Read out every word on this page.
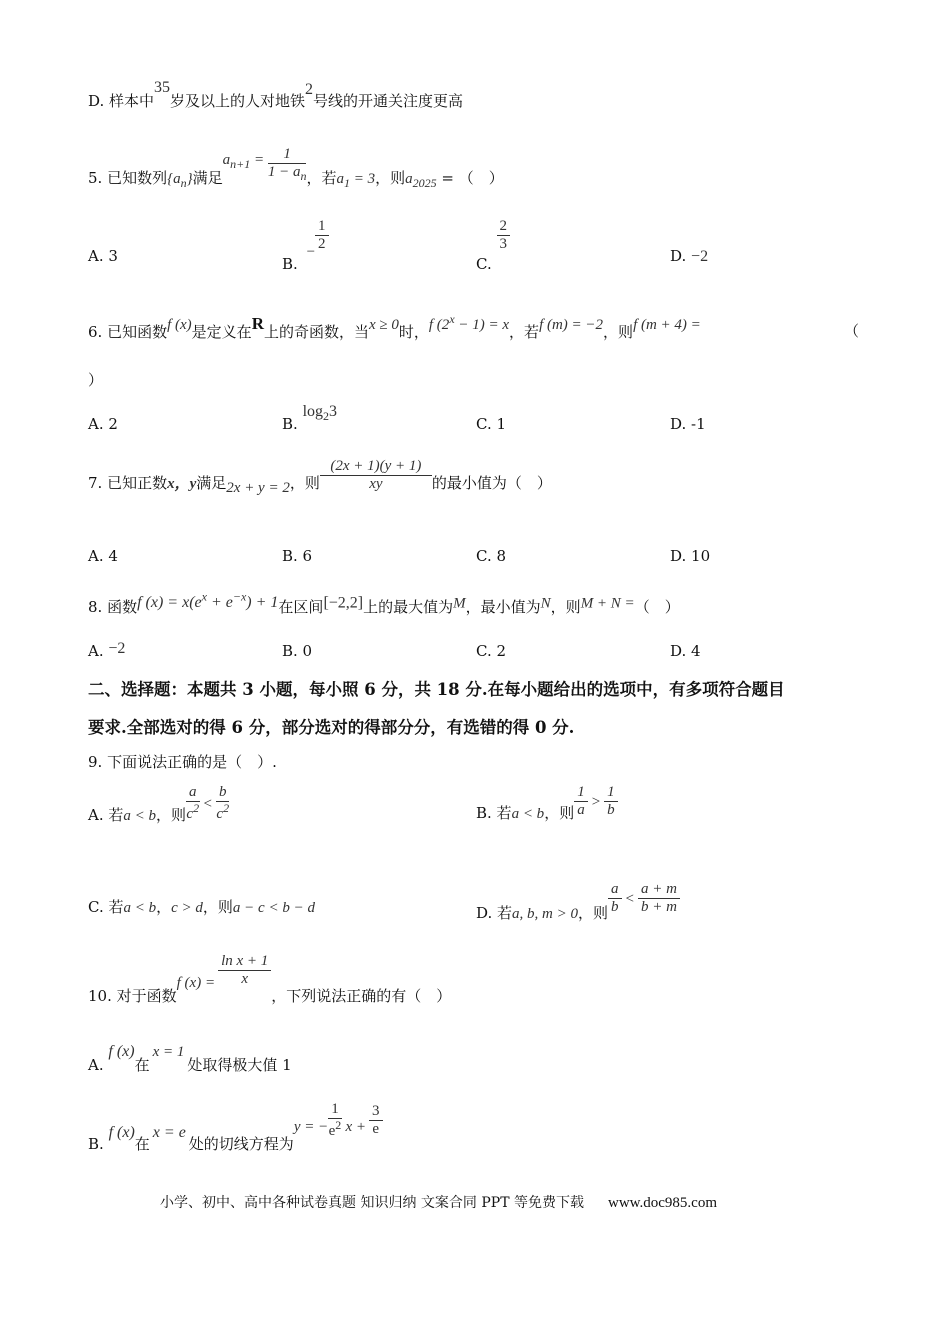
D. 样本中35岁及以上的人对地铁2号线的开通关注度更高
5. 已知数列$\{a_n\}$满足$a_{n+1} = \frac{1}{1 - a_n}$ ，若$a_1 = 3$，则$a_{2025}$ = （　）
A. 3	B. − $\frac{1}{2}$
C.
$\frac{2}{3}$
D. −2
6. 已知函数f (x)是定义在R上的奇函数，当x ≥ 0时，f $(2^x - 1) = x$，若f (m) = −2，则f (m + 4) =	（
）
A. 2	B. $\log_23$
C. 1	D. -1
7. 已知正数x，y满足2x + y = 2，则 $\frac{(2x + 1)(y + 1)}{xy}$ 的最小值为（　）
A. 4	B. 6	C. 8	D. 10
8. 函数f $(x) = x(e^x + e^{-x}) + 1$在区间[−2,2]上的最大值为M，最小值为N，则M + N =（　）
A. −2	B. 0	C. 2	D. 4
二、选择题：本题共 3 小题，每小照 6 分，共 18 分.在每小题给出的选项中，有多项符合题目
要求.全部选对的得 6 分，部分选对的得部分分，有选错的得 0 分.
9. 下面说法正确的是（　）.
A. 若a < b，则 $\frac{a}{c^2} < \frac{b}{c^2}$	B. 若a < b，则 $\frac{1}{a} > \frac{1}{b}$
C. 若a < b，c > d，则a − c < b − d	D. 若a, b, m > 0，则 $\frac{a}{b} < \frac{a + m}{b + m}$
10. 对于函数f $(x) = \frac{\text{ln x + 1}}{x}$
，下列说法正确的有（　）
A. f (x)在x = 1处取得极大值 1
B. f (x)在x = e处的切线方程为y = − $\frac{1}{e^2}$ $x + \frac{3}{e}$
小学、初中、高中各种试卷真题 知识归纳 文案合同 PPT 等免费下载 www.doc985.com
